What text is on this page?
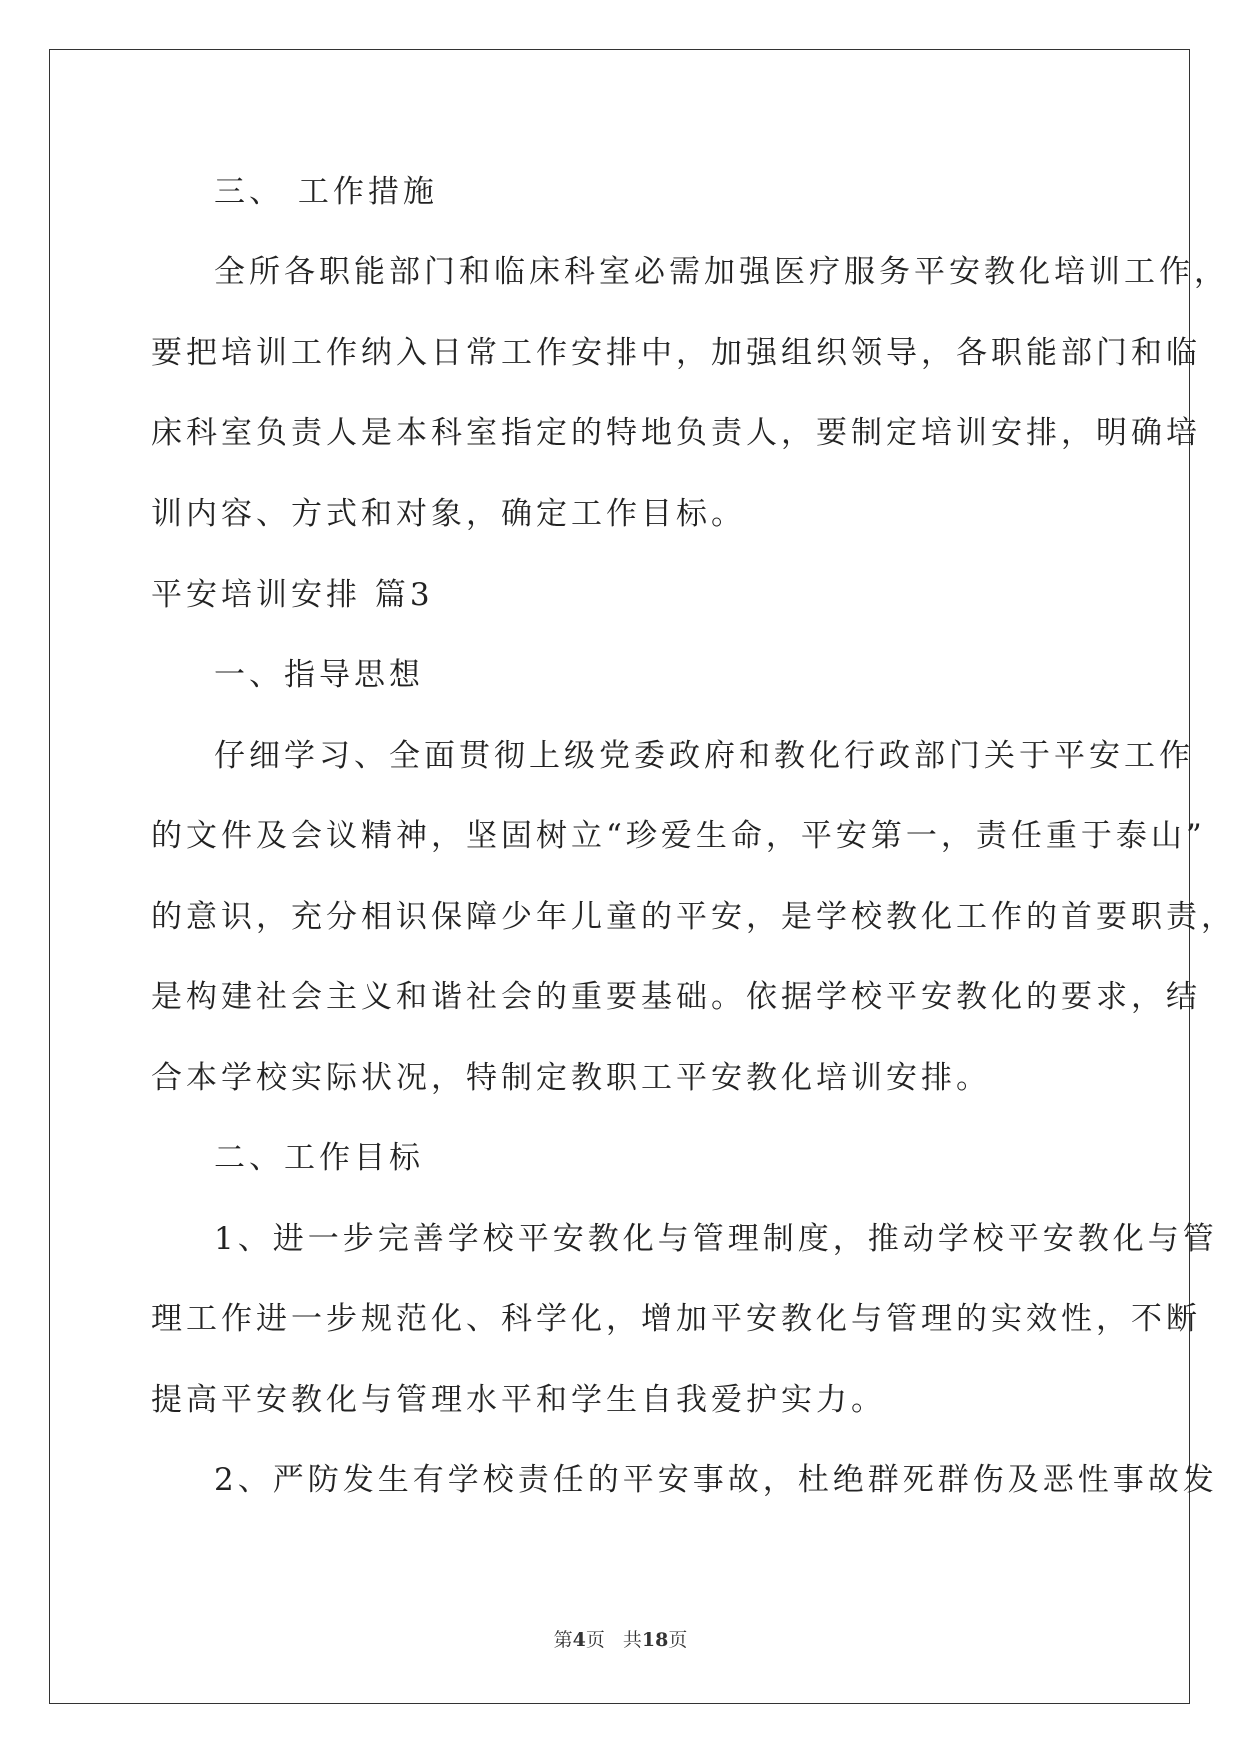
三、 工作措施
全所各职能部门和临床科室必需加强医疗服务平安教化培训工作，
要把培训工作纳入日常工作安排中，加强组织领导，各职能部门和临
床科室负责人是本科室指定的特地负责人，要制定培训安排，明确培
训内容、方式和对象，确定工作目标。
平安培训安排 篇3
一、指导思想
仔细学习、全面贯彻上级党委政府和教化行政部门关于平安工作
的文件及会议精神，坚固树立“珍爱生命，平安第一，责任重于泰山”
的意识，充分相识保障少年儿童的平安，是学校教化工作的首要职责，
是构建社会主义和谐社会的重要基础。依据学校平安教化的要求，结
合本学校实际状况，特制定教职工平安教化培训安排。
二、工作目标
1、进一步完善学校平安教化与管理制度，推动学校平安教化与管
理工作进一步规范化、科学化，增加平安教化与管理的实效性，不断
提高平安教化与管理水平和学生自我爱护实力。
2、严防发生有学校责任的平安事故，杜绝群死群伤及恶性事故发
第4页 共18页
